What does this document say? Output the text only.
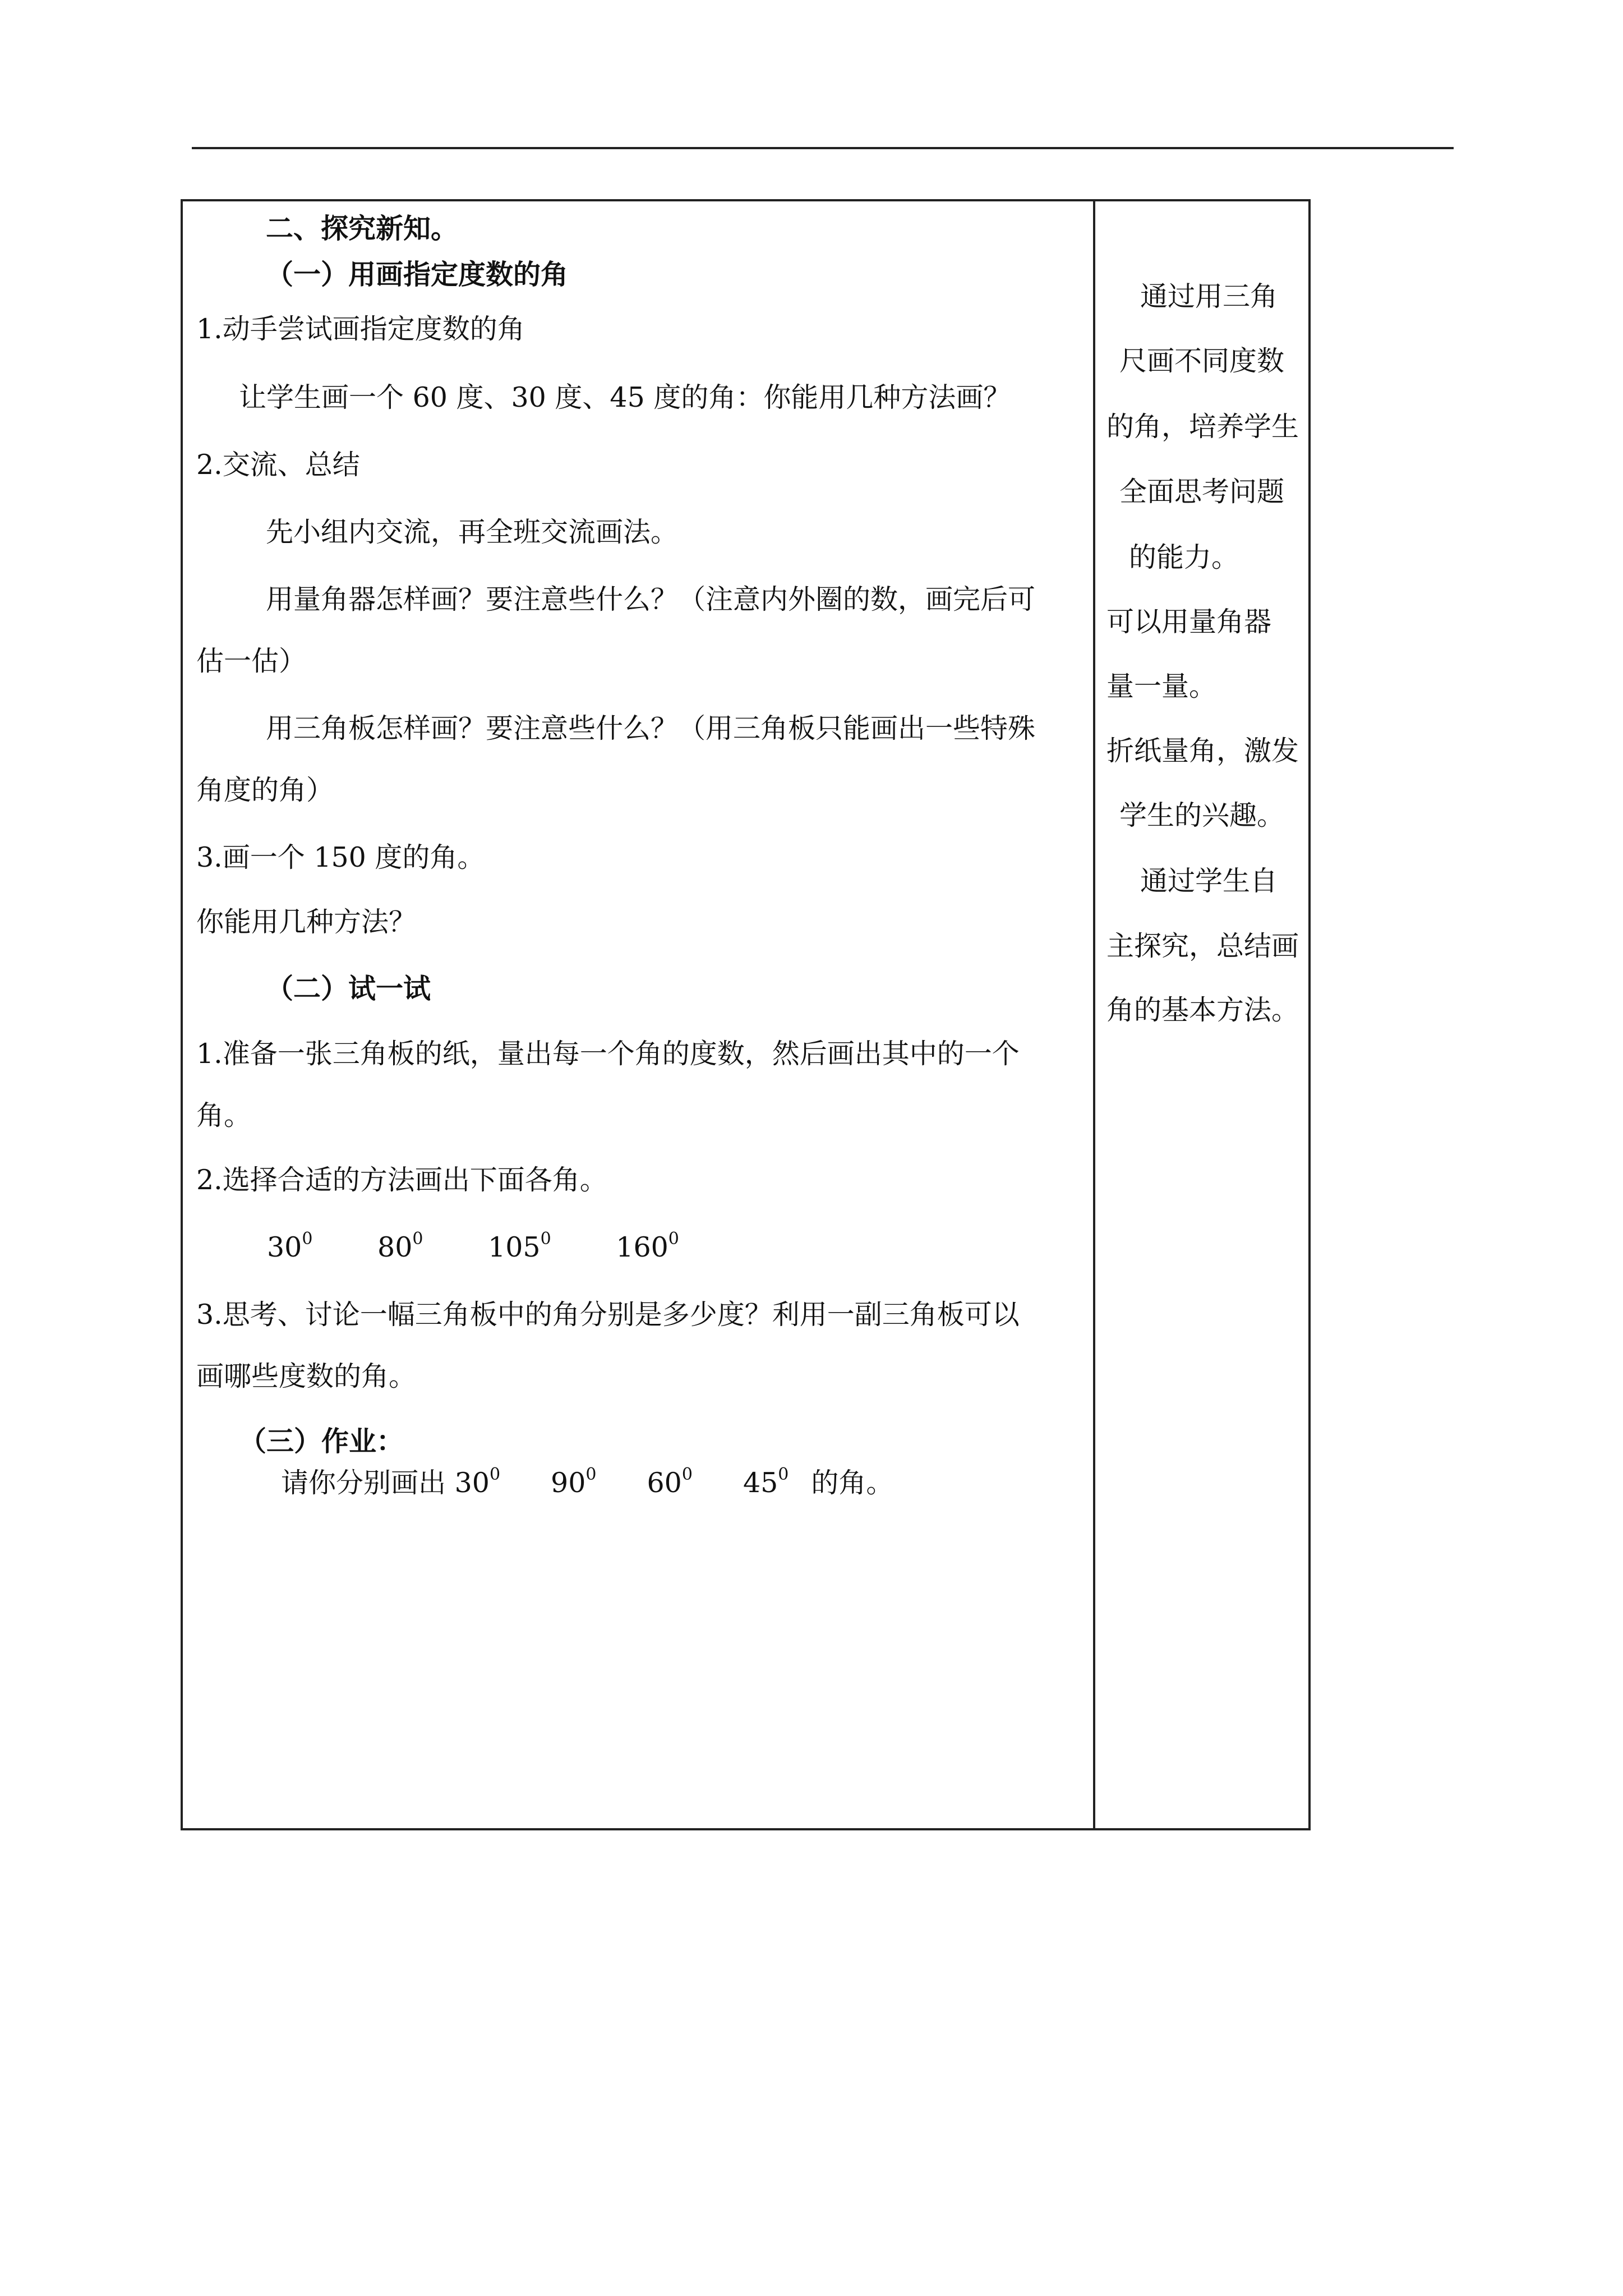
二、探究新知。
（一）用画指定度数的角
1.动手尝试画指定度数的角
让学生画一个 60 度、30 度、45 度的角：你能用几种方法画？
2.交流、总结
先小组内交流，再全班交流画法。
用量角器怎样画？要注意些什么？（注意内外圈的数，画完后可
估一估）
用三角板怎样画？要注意些什么？（用三角板只能画出一些特殊
角度的角）
3.画一个 150 度的角。
你能用几种方法？
（二）试一试
1.准备一张三角板的纸，量出每一个角的度数，然后画出其中的一个
角。
2.选择合适的方法画出下面各角。
$30^0$ $80^0$ $105^0$ $160^0$
3.思考、讨论一幅三角板中的角分别是多少度？利用一副三角板可以
画哪些度数的角。
（三）作业：
请你分别画出 $30^0$ $90^0$ $60^0$ $45^0$ 的角。
通过用三角
尺画不同度数
的角，培养学生
全面思考问题
的能力。
可以用量角器
量一量。
折纸量角，激发
学生的兴趣。
通过学生自
主探究，总结画
角的基本方法。
